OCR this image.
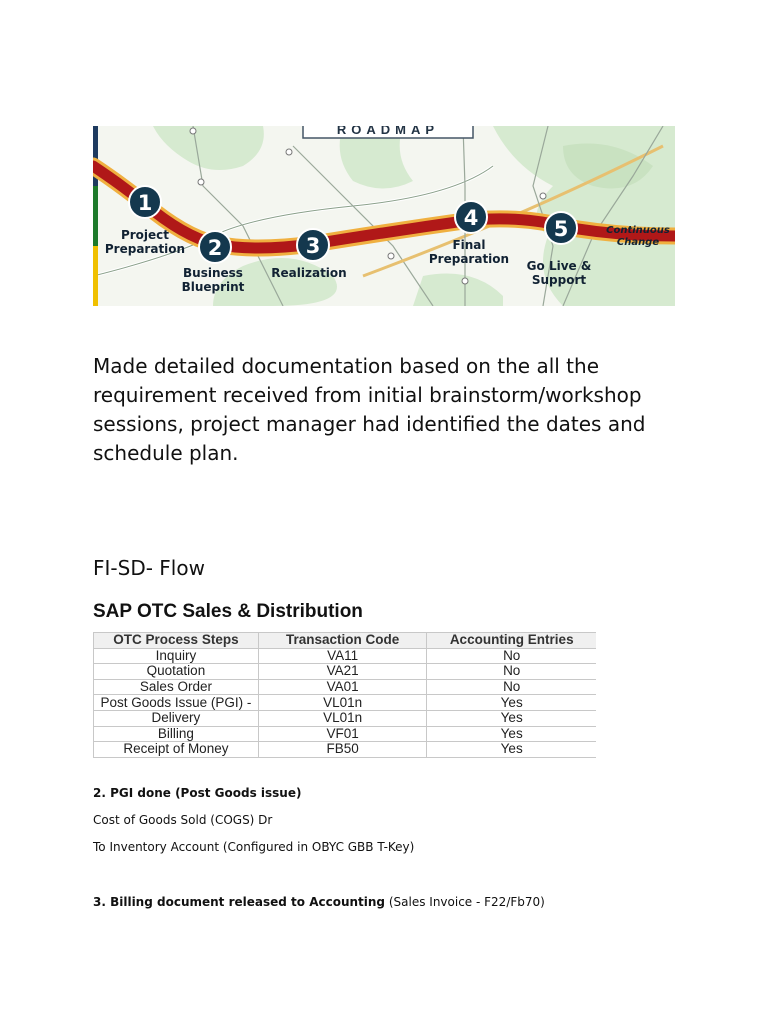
ROADMAP
1
Project
Preparation 2
Business
Blueprint
3
Realization
4
Final
Preparation
5
Go Live &
Support
Continuous
Change
Made detailed documentation based on the all the requirement received from initial brainstorm/workshop sessions, project manager had identified the dates and schedule plan.
FI-SD- Flow
SAP OTC Sales & Distribution
OTC Process Steps	Transaction Code	Accounting Entries
Inquiry	VA11	No
Quotation	VA21	No
Sales Order	VA01	No
Post Goods Issue (PGI) -	VL01n	Yes
Delivery	VL01n	Yes
Billing	VF01	Yes
Receipt of Money	FB50	Yes
2. PGI done (Post Goods issue)
Cost of Goods Sold (COGS) Dr
To Inventory Account (Configured in OBYC GBB T-Key)
3. Billing document released to Accounting (Sales Invoice - F22/Fb70)
